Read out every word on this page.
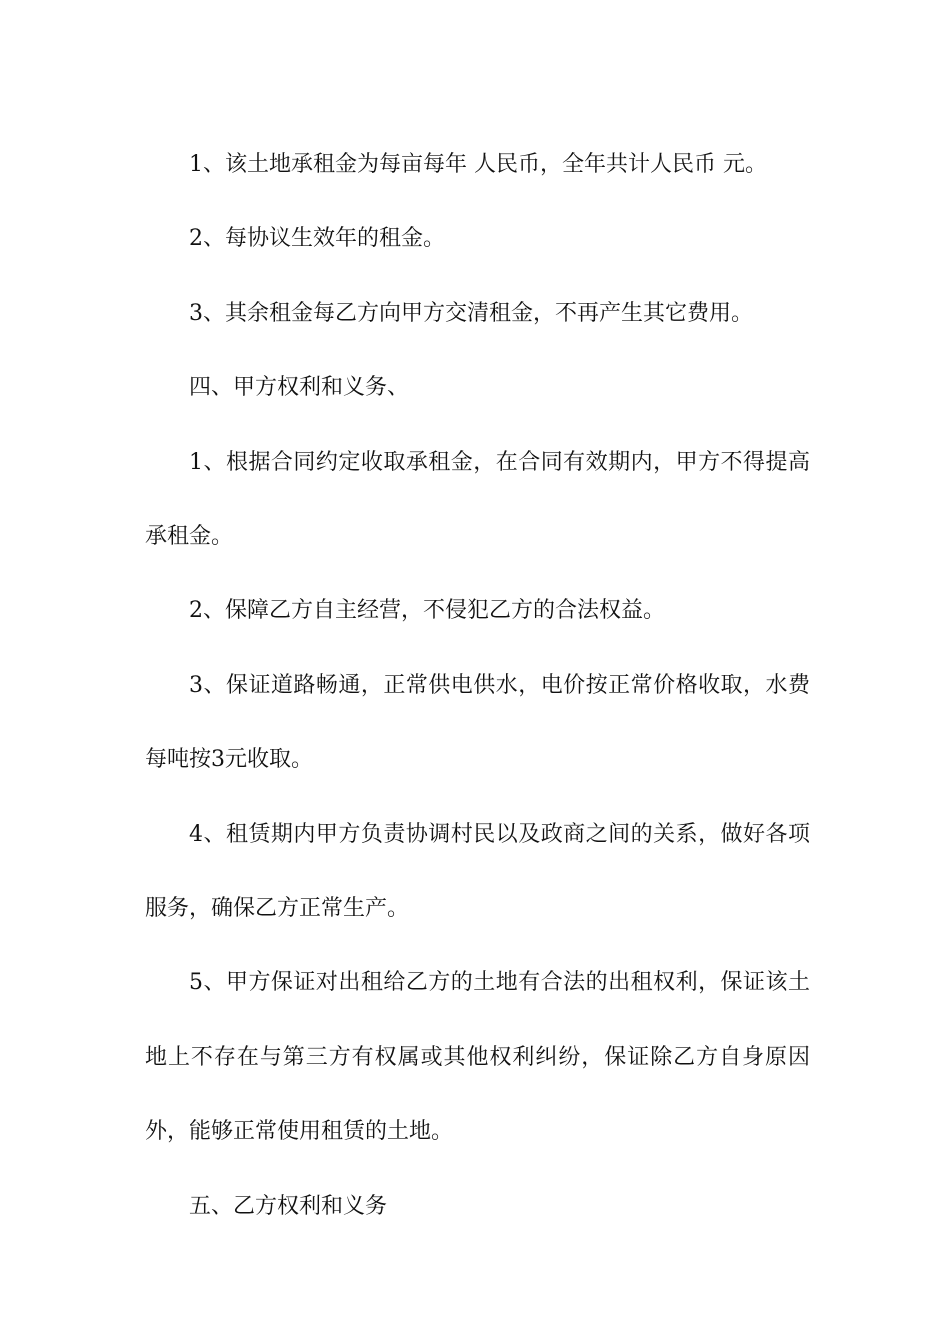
1、该土地承租金为每亩每年 人民币，全年共计人民币 元。

2、每协议生效年的租金。

3、其余租金每乙方向甲方交清租金，不再产生其它费用。

四、甲方权利和义务、

1、根据合同约定收取承租金，在合同有效期内，甲方不得提高承租金。

2、保障乙方自主经营，不侵犯乙方的合法权益。

3、保证道路畅通，正常供电供水，电价按正常价格收取，水费每吨按3元收取。

4、租赁期内甲方负责协调村民以及政商之间的关系，做好各项服务，确保乙方正常生产。

5、甲方保证对出租给乙方的土地有合法的出租权利，保证该土地上不存在与第三方有权属或其他权利纠纷，保证除乙方自身原因外，能够正常使用租赁的土地。

五、乙方权利和义务
